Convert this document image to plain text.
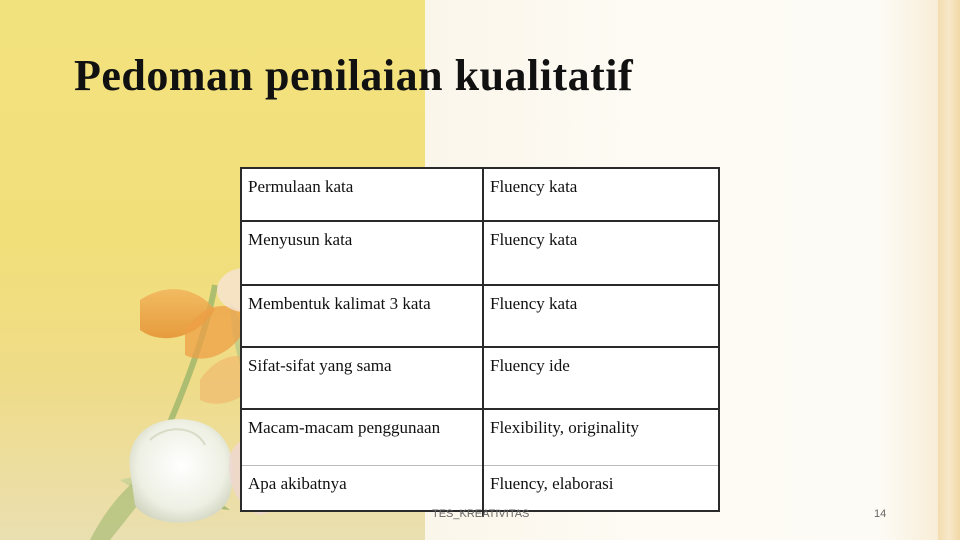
Pedoman penilaian kualitatif
Permulaan kata	Fluency kata
Menyusun kata	Fluency kata
Membentuk kalimat 3 kata	Fluency kata
Sifat-sifat yang sama	Fluency ide
Macam-macam penggunaan	Flexibility, originality
Apa akibatnya	Fluency, elaborasi
TES_KREATIVITAS	14
